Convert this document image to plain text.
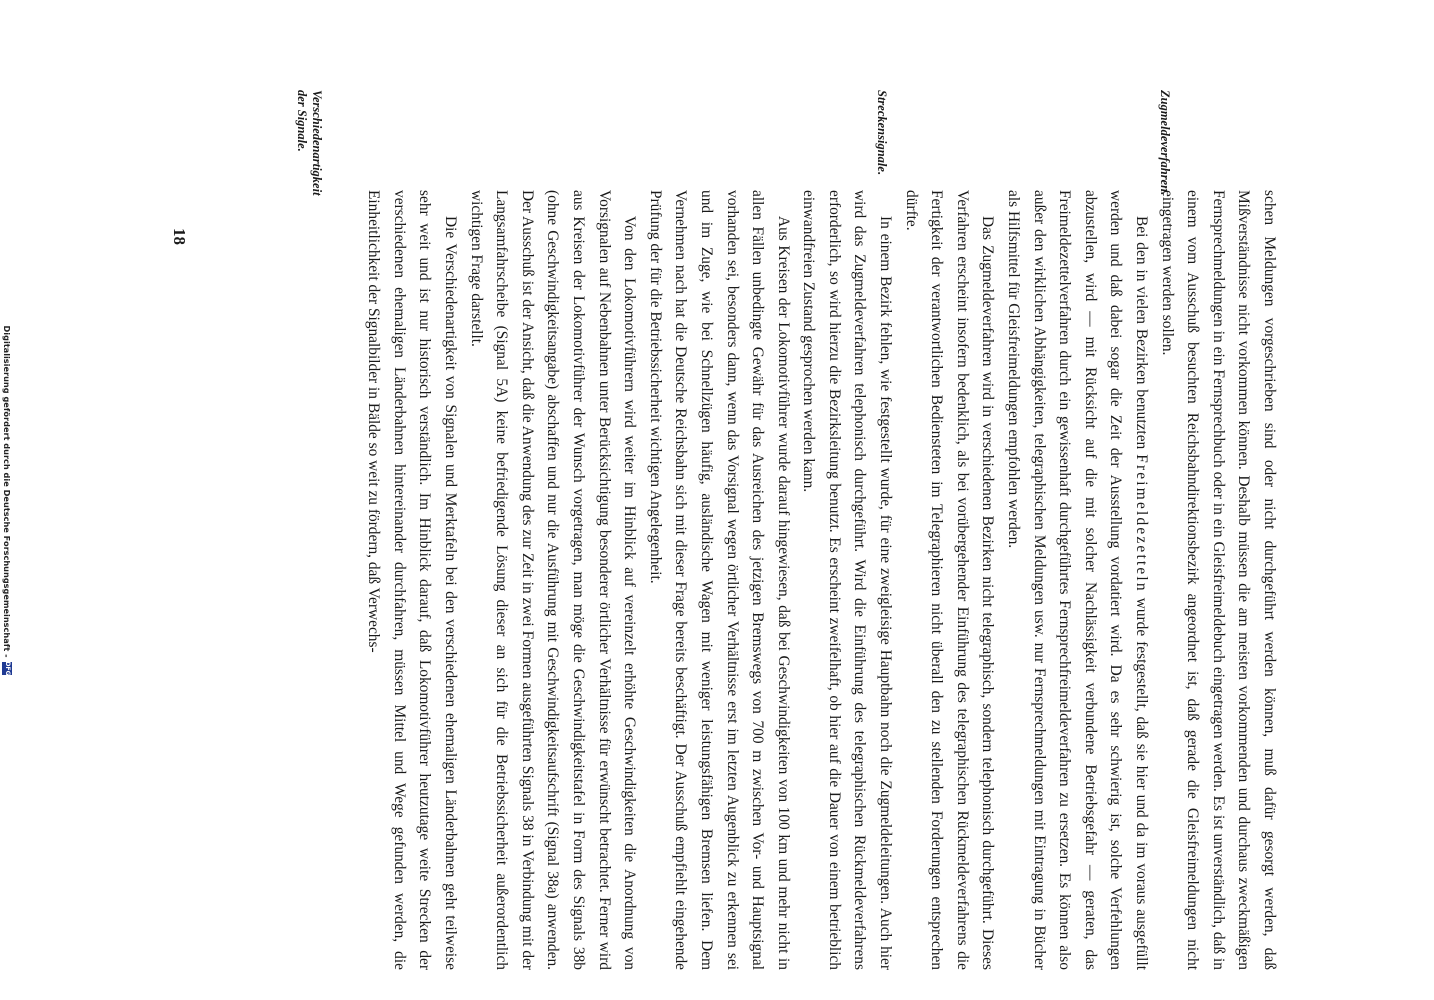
Zugmeldeverfahren.
Streckensignale.
Verschiedenartigkeit der Signale.

schen Meldungen vorgeschrieben sind oder nicht durchgeführt werden können, muß dafür gesorgt werden, daß Mißverständnisse nicht vorkommen können. Deshalb müssen die am meisten vorkommenden und durchaus zweckmäßigen Fernsprechmeldungen in ein Fernsprechbuch oder in ein Gleisfreimeldebuch eingetragen werden. Es ist unverständlich, daß in einem vom Ausschuß besuchten Reichsbahndirektionsbezirk angeordnet ist, daß gerade die Gleisfreimeldungen nicht eingetragen werden sollen.

Bei den in vielen Bezirken benutzten Freimeldezetteln wurde festgestellt, daß sie hier und da im voraus ausgefüllt werden und daß dabei sogar die Zeit der Ausstellung vordatiert wird. Da es sehr schwierig ist, solche Verfehlungen abzustellen, wird — mit Rücksicht auf die mit solcher Nachlässigkeit verbundene Betriebsgefahr — geraten, das Freimeldezettelverfahren durch ein gewissenhaft durchgeführtes Fernsprechfreimeldeverfahren zu ersetzen. Es können also außer den wirklichen Abhängigkeiten, telegraphischen Meldungen usw. nur Fernsprechmeldungen mit Eintragung in Bücher als Hilfsmittel für Gleisfreimeldungen empfohlen werden.

Das Zugmeldeverfahren wird in verschiedenen Bezirken nicht telegraphisch, sondern telephonisch durchgeführt. Dieses Verfahren erscheint insofern bedenklich, als bei vorübergehender Einführung des telegraphischen Rückmeldeverfahrens die Fertigkeit der verantwortlichen Bediensteten im Telegraphieren nicht überall den zu stellenden Forderungen entsprechen dürfte.

In einem Bezirk fehlen, wie festgestellt wurde, für eine zweigleisige Hauptbahn noch die Zugmeldeleitungen. Auch hier wird das Zugmeldeverfahren telephonisch durchgeführt. Wird die Einführung des telegraphischen Rückmeldeverfahrens erforderlich, so wird hierzu die Bezirksleitung benutzt. Es erscheint zweifelhaft, ob hier auf die Dauer von einem betrieblich einwandfreien Zustand gesprochen werden kann.

Aus Kreisen der Lokomotivführer wurde darauf hingewiesen, daß bei Geschwindigkeiten von 100 km und mehr nicht in allen Fällen unbedingte Gewähr für das Ausreichen des jetzigen Bremswegs von 700 m zwischen Vor- und Hauptsignal vorhanden sei, besonders dann, wenn das Vorsignal wegen örtlicher Verhältnisse erst im letzten Augenblick zu erkennen sei und im Zuge, wie bei Schnellzügen häufig, ausländische Wagen mit weniger leistungsfähigen Bremsen liefen. Dem Vernehmen nach hat die Deutsche Reichsbahn sich mit dieser Frage bereits beschäftigt. Der Ausschuß empfiehlt eingehende Prüfung der für die Betriebssicherheit wichtigen Angelegenheit.

Von den Lokomotivführern wird weiter im Hinblick auf vereinzelt erhöhte Geschwindigkeiten die Anordnung von Vorsignalen auf Nebenbahnen unter Berücksichtigung besonderer örtlicher Verhältnisse für erwünscht betrachtet. Ferner wird aus Kreisen der Lokomotivführer der Wunsch vorgetragen, man möge die Geschwindigkeitstafel in Form des Signals 38b (ohne Geschwindigkeitsangabe) abschaffen und nur die Ausführung mit Geschwindigkeitsaufschrift (Signal 38a) anwenden. Der Ausschuß ist der Ansicht, daß die Anwendung des zur Zeit in zwei Formen ausgeführten Signals 38 in Verbindung mit der Langsamfahrscheibe (Signal 5A) keine befriedigende Lösung dieser an sich für die Betriebssicherheit außerordentlich wichtigen Frage darstellt.

Die Verschiedenartigkeit von Signalen und Merktafeln bei den verschiedenen ehemaligen Länderbahnen geht teilweise sehr weit und ist nur historisch verständlich. Im Hinblick darauf, daß Lokomotivführer heutzutage weite Strecken der verschiedenen ehemaligen Länderbahnen hintereinander durchfahren, müssen Mittel und Wege gefunden werden, die Einheitlichkeit der Signalbilder in Bälde so weit zu fördern, daß Verwechs-

18
Digitalisierung gefördert durch die Deutsche Forschungsgemeinschaft -
DFG
